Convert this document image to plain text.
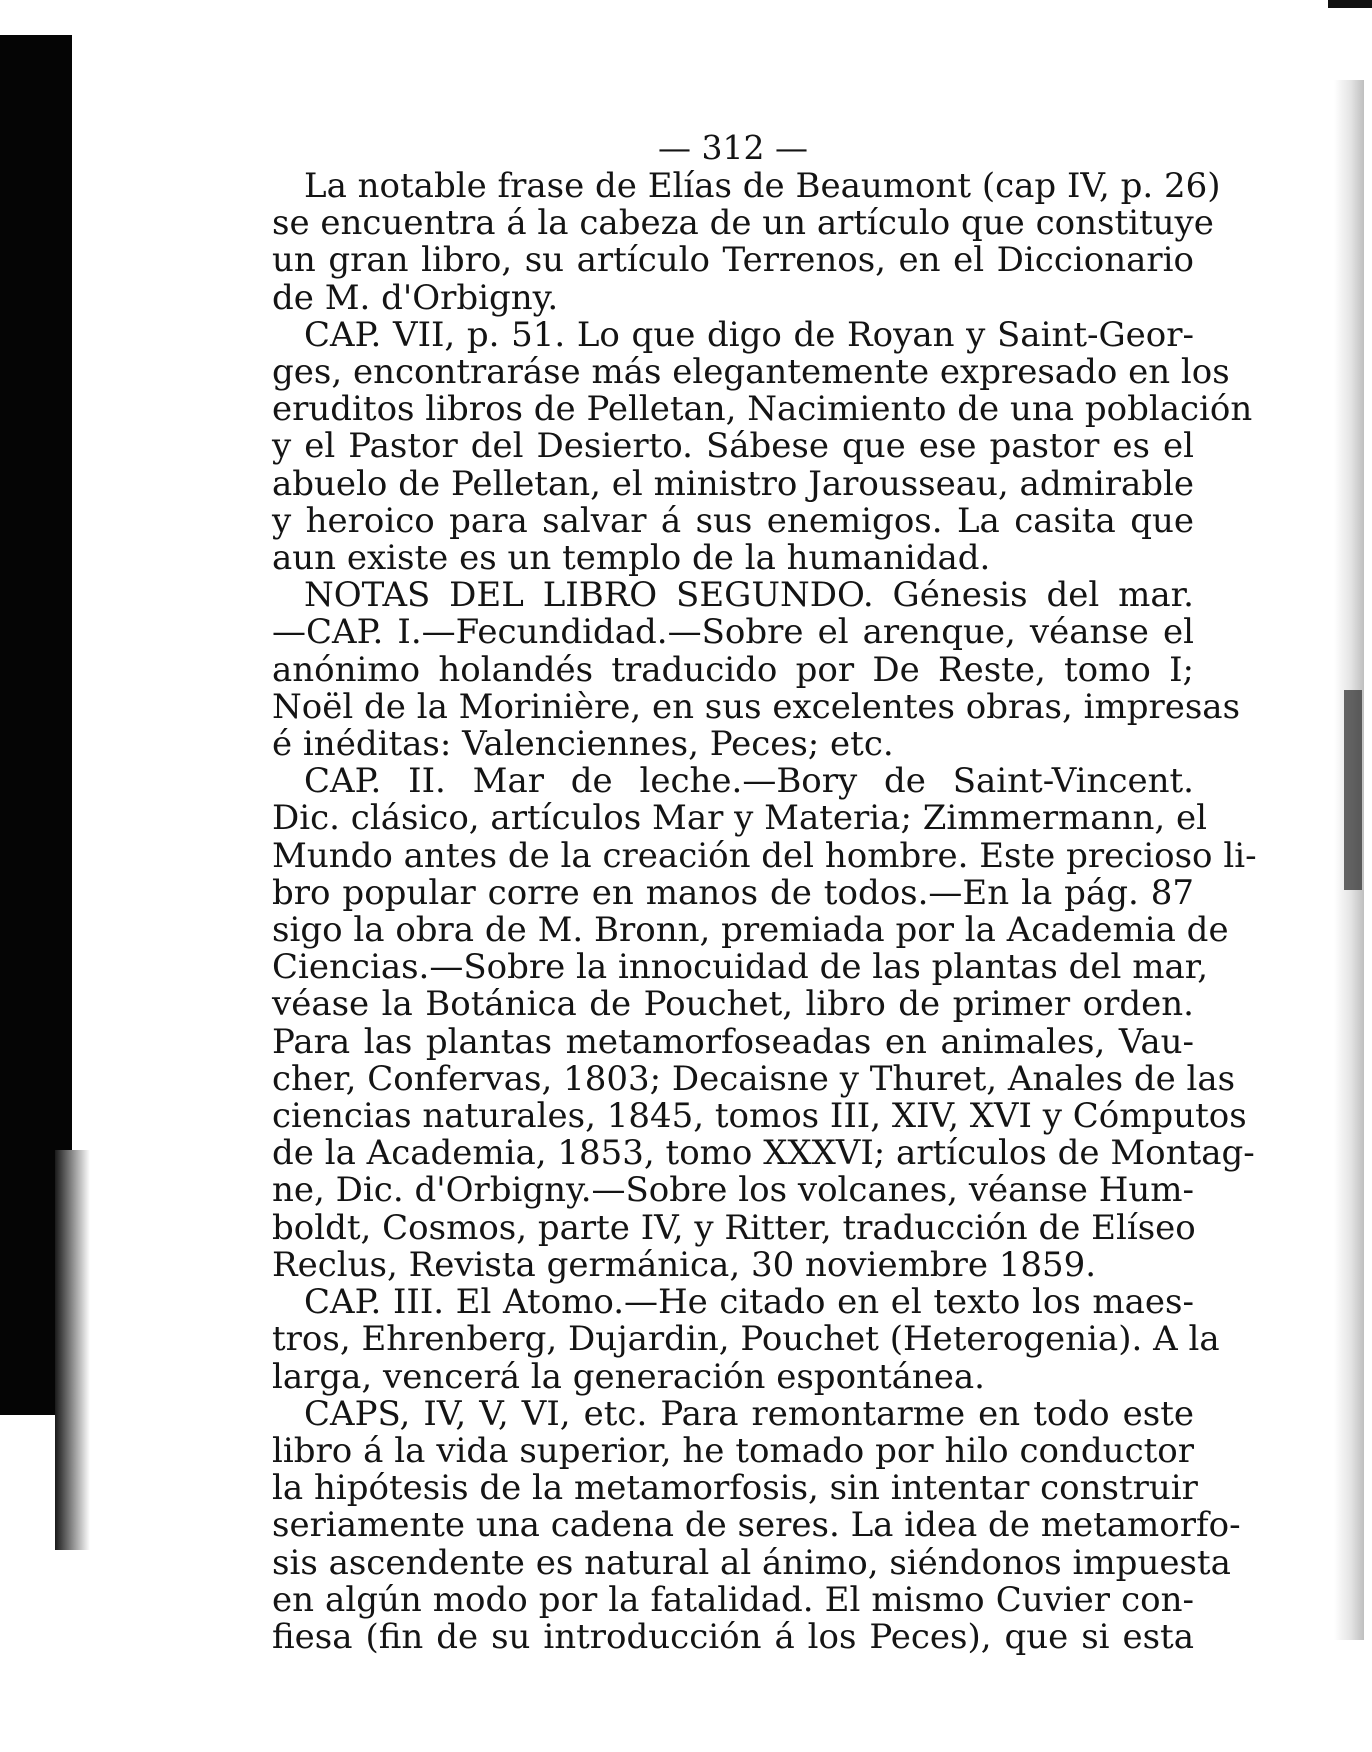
— 312 —
La notable frase de Elías de Beaumont (cap IV, p. 26)
se encuentra á la cabeza de un artículo que constituye
un gran libro, su artículo Terrenos, en el Diccionario
de M. d'Orbigny.
CAP. VII, p. 51. Lo que digo de Royan y Saint-Geor-
ges, encontraráse más elegantemente expresado en los
eruditos libros de Pelletan, Nacimiento de una población
y el Pastor del Desierto. Sábese que ese pastor es el
abuelo de Pelletan, el ministro Jarousseau, admirable
y heroico para salvar á sus enemigos. La casita que
aun existe es un templo de la humanidad.
NOTAS DEL LIBRO SEGUNDO. Génesis del mar.
—CAP. I.—Fecundidad.—Sobre el arenque, véanse el
anónimo holandés traducido por De Reste, tomo I;
Noël de la Morinière, en sus excelentes obras, impresas
é inéditas: Valenciennes, Peces; etc.
CAP. II. Mar de leche.—Bory de Saint-Vincent.
Dic. clásico, artículos Mar y Materia; Zimmermann, el
Mundo antes de la creación del hombre. Este precioso li-
bro popular corre en manos de todos.—En la pág. 87
sigo la obra de M. Bronn, premiada por la Academia de
Ciencias.—Sobre la innocuidad de las plantas del mar,
véase la Botánica de Pouchet, libro de primer orden.
Para las plantas metamorfoseadas en animales, Vau-
cher, Confervas, 1803; Decaisne y Thuret, Anales de las
ciencias naturales, 1845, tomos III, XIV, XVI y Cómputos
de la Academia, 1853, tomo XXXVI; artículos de Montag-
ne, Dic. d'Orbigny.—Sobre los volcanes, véanse Hum-
boldt, Cosmos, parte IV, y Ritter, traducción de Elíseo
Reclus, Revista germánica, 30 noviembre 1859.
CAP. III. El Atomo.—He citado en el texto los maes-
tros, Ehrenberg, Dujardin, Pouchet (Heterogenia). A la
larga, vencerá la generación espontánea.
CAPS, IV, V, VI, etc. Para remontarme en todo este
libro á la vida superior, he tomado por hilo conductor
la hipótesis de la metamorfosis, sin intentar construir
seriamente una cadena de seres. La idea de metamorfo-
sis ascendente es natural al ánimo, siéndonos impuesta
en algún modo por la fatalidad. El mismo Cuvier con-
fiesa (fin de su introducción á los Peces), que si esta
